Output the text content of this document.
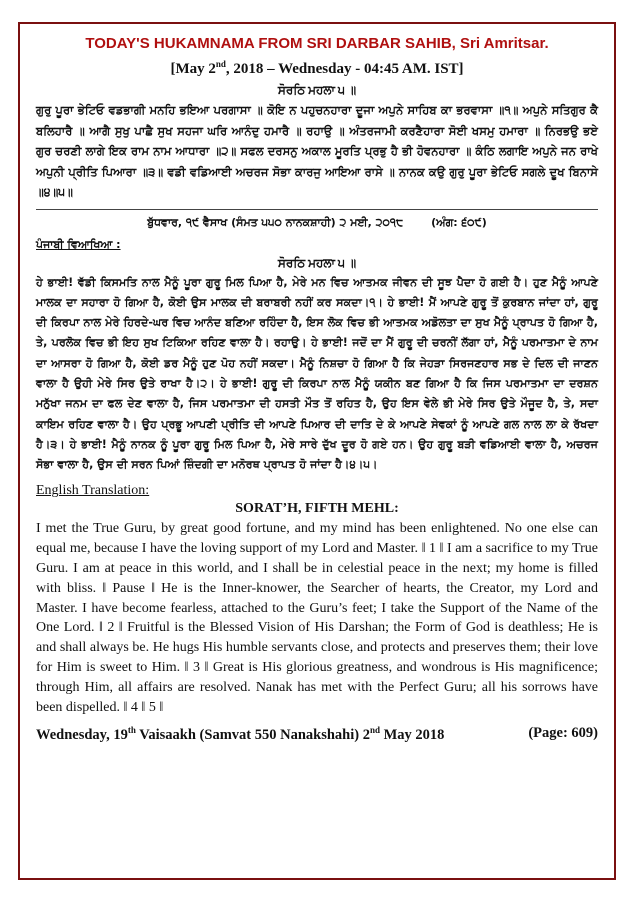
TODAY'S HUKAMNAMA FROM SRI DARBAR SAHIB, Sri Amritsar.

[May 2nd, 2018 – Wednesday - 04:45 AM. IST]

ਸੋਰਠਿ ਮਹਲਾ ੫ ॥

ਗੁਰੁ ਪੂਰਾ ਭੇਟਿਓ ਵਡਭਾਗੀ ਮਨਹਿ ਭਇਆ ਪਰਗਾਸਾ ॥ ਕੋਇ ਨ ਪਹੁਚਨਹਾਰਾ ਦੂਜਾ ਅਪੁਨੇ ਸਾਹਿਬ ਕਾ ਭਰਵਾਸਾ ॥੧॥ ਅਪੁਨੇ ਸਤਿਗੁਰ ਕੈ ਬਲਿਹਾਰੈ ॥ ਆਗੈ ਸੁਖੁ ਪਾਛੈ ਸੁਖ ਸਹਜਾ ਘਰਿ ਆਨੰਦੁ ਹਮਾਰੈ ॥ ਰਹਾਉ ॥ ਅੰਤਰਜਾਮੀ ਕਰਣੈਹਾਰਾ ਸੋਈ ਖਸਮੁ ਹਮਾਰਾ ॥ ਨਿਰਭਉ ਭਏ ਗੁਰ ਚਰਣੀ ਲਾਗੇ ਇਕ ਰਾਮ ਨਾਮ ਆਧਾਰਾ ॥੨॥ ਸਫਲ ਦਰਸਨੁ ਅਕਾਲ ਮੂਰਤਿ ਪ੍ਰਭੁ ਹੈ ਭੀ ਹੋਵਨਹਾਰਾ ॥ ਕੰਠਿ ਲਗਾਇ ਅਪੁਨੇ ਜਨ ਰਾਖੇ ਅਪੁਨੀ ਪ੍ਰੀਤਿ ਪਿਆਰਾ ॥੩॥ ਵਡੀ ਵਡਿਆਈ ਅਚਰਜ ਸੋਭਾ ਕਾਰਜੁ ਆਇਆ ਰਾਸੇ ॥ ਨਾਨਕ ਕਉ ਗੁਰੁ ਪੂਰਾ ਭੇਟਿਓ ਸਗਲੇ ਦੂਖ ਬਿਨਾਸੇ ॥੪॥੫॥

ਬੁੱਧਵਾਰ, ੧੯ ਵੈਸਾਖ (ਸੰਮਤ ੫੫੦ ਨਾਨਕਸ਼ਾਹੀ) ੨ ਮਈ, ੨੦੧੮	(ਅੰਗ: ੬੦੯)

ਪੰਜਾਬੀ ਵਿਆਖਿਆ :

ਸੋਰਠਿ ਮਹਲਾ ੫ ॥

ਹੇ ਭਾਈ! ਵੱਡੀ ਕਿਸਮਤਿ ਨਾਲ ਮੈਨੂੰ ਪੂਰਾ ਗੁਰੂ ਮਿਲ ਪਿਆ ਹੈ, ਮੇਰੇ ਮਨ ਵਿਚ ਆਤਮਕ ਜੀਵਨ ਦੀ ਸੂਝ ਪੈਦਾ ਹੋ ਗਈ ਹੈ। ਹੁਣ ਮੈਨੂੰ ਆਪਣੇ ਮਾਲਕ ਦਾ ਸਹਾਰਾ ਹੋ ਗਿਆ ਹੈ, ਕੋਈ ਉਸ ਮਾਲਕ ਦੀ ਬਰਾਬਰੀ ਨਹੀਂ ਕਰ ਸਕਦਾ।੧। ਹੇ ਭਾਈ! ਮੈਂ ਆਪਣੇ ਗੁਰੂ ਤੋਂ ਕੁਰਬਾਨ ਜਾਂਦਾ ਹਾਂ, ਗੁਰੂ ਦੀ ਕਿਰਪਾ ਨਾਲ ਮੇਰੇ ਹਿਰਦੇ-ਘਰ ਵਿਚ ਆਨੰਦ ਬਣਿਆ ਰਹਿੰਦਾ ਹੈ, ਇਸ ਲੋਕ ਵਿਚ ਭੀ ਆਤਮਕ ਅਡੋਲਤਾ ਦਾ ਸੁਖ ਮੈਨੂੰ ਪ੍ਰਾਪਤ ਹੋ ਗਿਆ ਹੈ, ਤੇ, ਪਰਲੋਕ ਵਿਚ ਭੀ ਇਹ ਸੁਖ ਟਿਕਿਆ ਰਹਿਣ ਵਾਲਾ ਹੈ। ਰਹਾਉ। ਹੇ ਭਾਈ! ਜਦੋਂ ਦਾ ਮੈਂ ਗੁਰੂ ਦੀ ਚਰਨੀਂ ਲੱਗਾ ਹਾਂ, ਮੈਨੂੰ ਪਰਮਾਤਮਾ ਦੇ ਨਾਮ ਦਾ ਆਸਰਾ ਹੋ ਗਿਆ ਹੈ, ਕੋਈ ਡਰ ਮੈਨੂੰ ਹੁਣ ਪੋਹ ਨਹੀਂ ਸਕਦਾ। ਮੈਨੂੰ ਨਿਸ਼ਚਾ ਹੋ ਗਿਆ ਹੈ ਕਿ ਜੇਹੜਾ ਸਿਰਜਣਹਾਰ ਸਭ ਦੇ ਦਿਲ ਦੀ ਜਾਣਨ ਵਾਲਾ ਹੈ ਉਹੀ ਮੇਰੇ ਸਿਰ ਉਤੇ ਰਾਖਾ ਹੈ।੨। ਹੇ ਭਾਈ! ਗੁਰੂ ਦੀ ਕਿਰਪਾ ਨਾਲ ਮੈਨੂੰ ਯਕੀਨ ਬਣ ਗਿਆ ਹੈ ਕਿ ਜਿਸ ਪਰਮਾਤਮਾ ਦਾ ਦਰਸ਼ਨ ਮਨੁੱਖਾ ਜਨਮ ਦਾ ਫਲ ਦੇਣ ਵਾਲਾ ਹੈ, ਜਿਸ ਪਰਮਾਤਮਾ ਦੀ ਹਸਤੀ ਮੌਤ ਤੋਂ ਰਹਿਤ ਹੈ, ਉਹ ਇਸ ਵੇਲੇ ਭੀ ਮੇਰੇ ਸਿਰ ਉਤੇ ਮੌਜੂਦ ਹੈ, ਤੇ, ਸਦਾ ਕਾਇਮ ਰਹਿਣ ਵਾਲਾ ਹੈ। ਉਹ ਪ੍ਰਭੂ ਆਪਣੀ ਪ੍ਰੀਤਿ ਦੀ ਆਪਣੇ ਪਿਆਰ ਦੀ ਦਾਤਿ ਦੇ ਕੇ ਆਪਣੇ ਸੇਵਕਾਂ ਨੂੰ ਆਪਣੇ ਗਲ ਨਾਲ ਲਾ ਕੇ ਰੱਖਦਾ ਹੈ।੩। ਹੇ ਭਾਈ! ਮੈਨੂੰ ਨਾਨਕ ਨੂੰ ਪੂਰਾ ਗੁਰੂ ਮਿਲ ਪਿਆ ਹੈ, ਮੇਰੇ ਸਾਰੇ ਦੁੱਖ ਦੂਰ ਹੋ ਗਏ ਹਨ। ਉਹ ਗੁਰੂ ਬੜੀ ਵਡਿਆਈ ਵਾਲਾ ਹੈ, ਅਚਰਜ ਸੋਭਾ ਵਾਲਾ ਹੈ, ਉਸ ਦੀ ਸਰਨ ਪਿਆਂ ਜ਼ਿੰਦਗੀ ਦਾ ਮਨੋਰਥ ਪ੍ਰਾਪਤ ਹੋ ਜਾਂਦਾ ਹੈ।੪।੫।

English Translation:

SORAT’H, FIFTH MEHL:

I met the True Guru, by great good fortune, and my mind has been enlightened. No one else can equal me, because I have the loving support of my Lord and Master. ‖ 1 ‖ I am a sacrifice to my True Guru. I am at peace in this world, and I shall be in celestial peace in the next; my home is filled with bliss. ‖ Pause ‖ He is the Inner-knower, the Searcher of hearts, the Creator, my Lord and Master. I have become fearless, attached to the Guru’s feet; I take the Support of the Name of the One Lord. ‖ 2 ‖ Fruitful is the Blessed Vision of His Darshan; the Form of God is deathless; He is and shall always be. He hugs His humble servants close, and protects and preserves them; their love for Him is sweet to Him. ‖ 3 ‖ Great is His glorious greatness, and wondrous is His magnificence; through Him, all affairs are resolved. Nanak has met with the Perfect Guru; all his sorrows have been dispelled. ‖ 4 ‖ 5 ‖

Wednesday, 19th Vaisaakh (Samvat 550 Nanakshahi) 2nd May 2018	(Page: 609)
